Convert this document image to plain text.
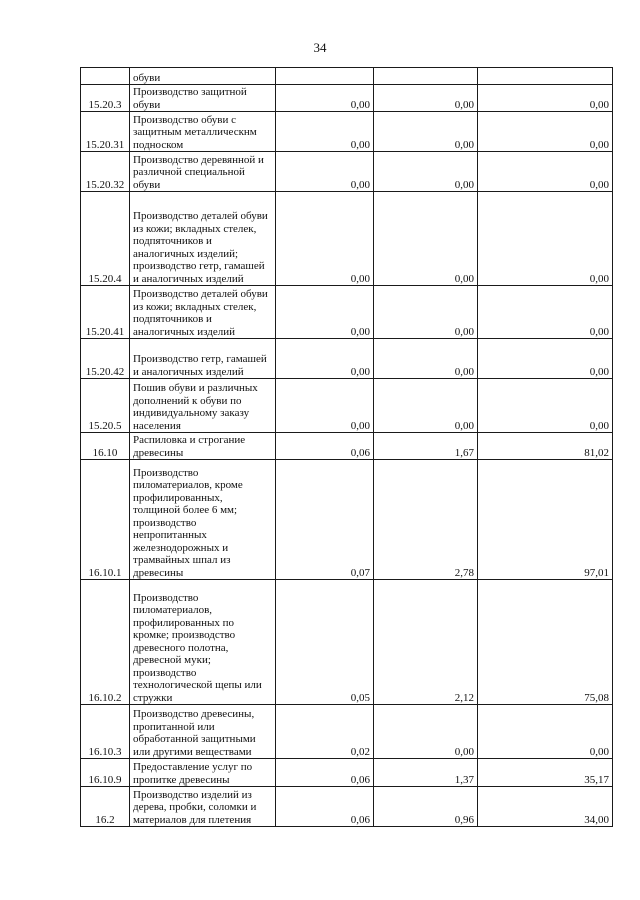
34
	обуви			
15.20.3	Производство защитной обуви	0,00	0,00	0,00
15.20.31	Производство обуви с защитным металлическнм подноском	0,00	0,00	0,00
15.20.32	Производство деревянной и различной специальной обуви	0,00	0,00	0,00
15.20.4	Производство деталей обуви из кожи; вкладных стелек, подпяточников и аналогичных изделий; производство гетр, гамашей и аналогичных изделий	0,00	0,00	0,00
15.20.41	Производство деталей обуви из кожи; вкладных стелек, подпяточников и аналогичных изделий	0,00	0,00	0,00
15.20.42	Производство гетр, гамашей и аналогичных изделий	0,00	0,00	0,00
15.20.5	Пошив обуви и различных дополнений к обуви по индивидуальному заказу населения	0,00	0,00	0,00
16.10	Распиловка и строгание древесины	0,06	1,67	81,02
16.10.1	Производство пиломатериалов, кроме профилированных, толщиной более 6 мм; производство непропитанных железнодорожных и трамвайных шпал из древесины	0,07	2,78	97,01
16.10.2	Производство пиломатериалов, профилированных по кромке; производство древесного полотна, древесной муки; производство технологической щепы или стружки	0,05	2,12	75,08
16.10.3	Производство древесины, пропитанной или обработанной защитными или другими веществами	0,02	0,00	0,00
16.10.9	Предоставление услуг по пропитке древесины	0,06	1,37	35,17
16.2	Производство изделий из дерева, пробки, соломки и материалов для плетения	0,06	0,96	34,00
